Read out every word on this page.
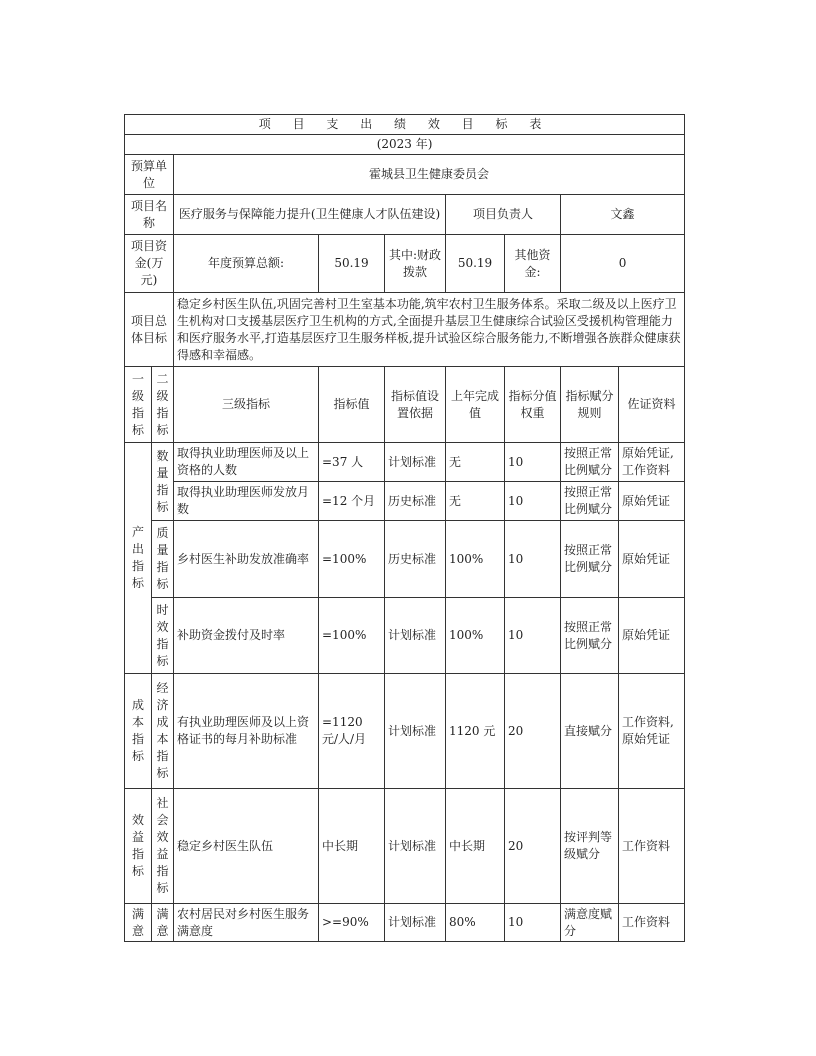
项 目 支 出 绩 效 目 标 表								
(2023 年)								
预算单位		霍城县卫生健康委员会						
项目名称		医疗服务与保障能力提升(卫生健康人才队伍建设)			项目负责人		文鑫	
项目资金(万元)		年度预算总额:	50.19	其中:财政拨款	50.19	其他资金:	0	
项目总体目标		稳定乡村医生队伍,巩固完善村卫生室基本功能,筑牢农村卫生服务体系。采取二级及以上医疗卫生机构对口支援基层医疗卫生机构的方式,全面提升基层卫生健康综合试验区受援机构管理能力和医疗服务水平,打造基层医疗卫生服务样板,提升试验区综合服务能力,不断增强各族群众健康获得感和幸福感。						
一级指标	二级指标	三级指标	指标值	指标值设置依据	上年完成值	指标分值权重	指标赋分规则	佐证资料
产出指标	数量指标	取得执业助理医师及以上资格的人数	=37 人	计划标准	无	10	按照正常比例赋分	原始凭证,工作资料
		取得执业助理医师发放月数	=12 个月	历史标准	无	10	按照正常比例赋分	原始凭证
	质量指标	乡村医生补助发放准确率	=100%	历史标准	100%	10	按照正常比例赋分	原始凭证
	时效指标	补助资金拨付及时率	=100%	计划标准	100%	10	按照正常比例赋分	原始凭证
成本指标	经济成本指标	有执业助理医师及以上资格证书的每月补助标准	=1120 元/人/月	计划标准	1120 元	20	直接赋分	工作资料,原始凭证
效益指标	社会效益指标	稳定乡村医生队伍	中长期	计划标准	中长期	20	按评判等级赋分	工作资料
满意	满意	农村居民对乡村医生服务满意度	>=90%	计划标准	80%	10	满意度赋分	工作资料
